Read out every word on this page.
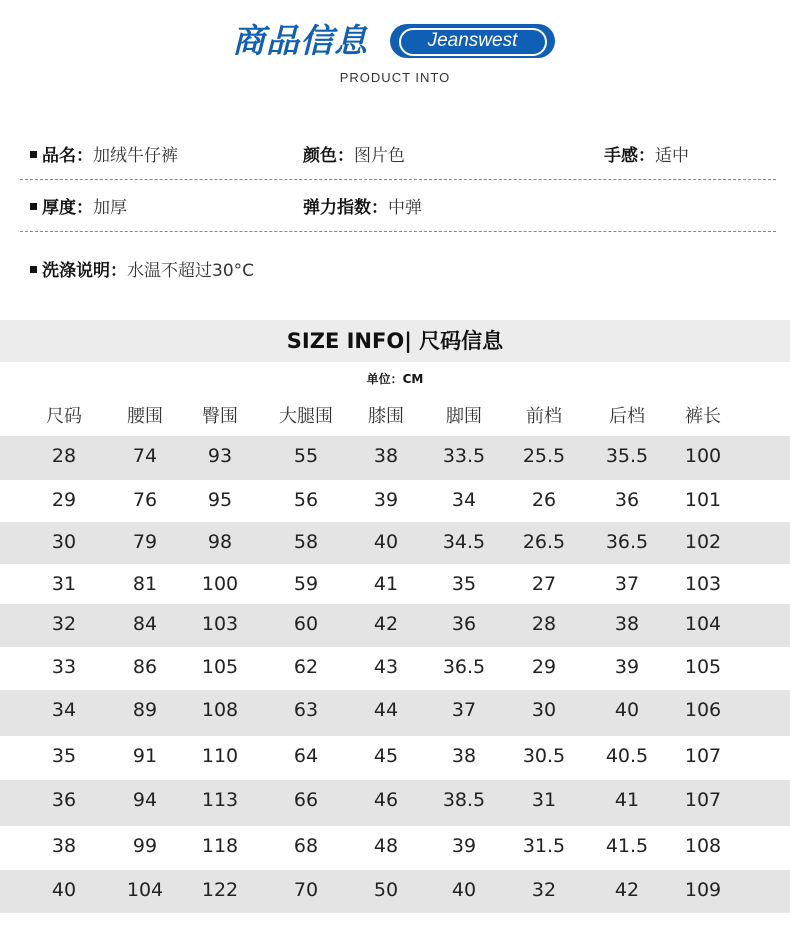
商品信息	Jeanswest
PRODUCT INTO
品名：加绒牛仔裤	颜色：图片色	手感：适中
厚度：加厚	弹力指数：中弹
洗涤说明：水温不超过30°C
SIZE INFO| 尺码信息
单位：CM
尺码	腰围	臀围	大腿围	膝围	脚围	前档	后档	裤长
28	74	93	55	38	33.5	25.5	35.5	100
29	76	95	56	39	34	26	36	101
30	79	98	58	40	34.5	26.5	36.5	102
31	81	100	59	41	35	27	37	103
32	84	103	60	42	36	28	38	104
33	86	105	62	43	36.5	29	39	105
34	89	108	63	44	37	30	40	106
35	91	110	64	45	38	30.5	40.5	107
36	94	113	66	46	38.5	31	41	107
38	99	118	68	48	39	31.5	41.5	108
40	104	122	70	50	40	32	42	109
